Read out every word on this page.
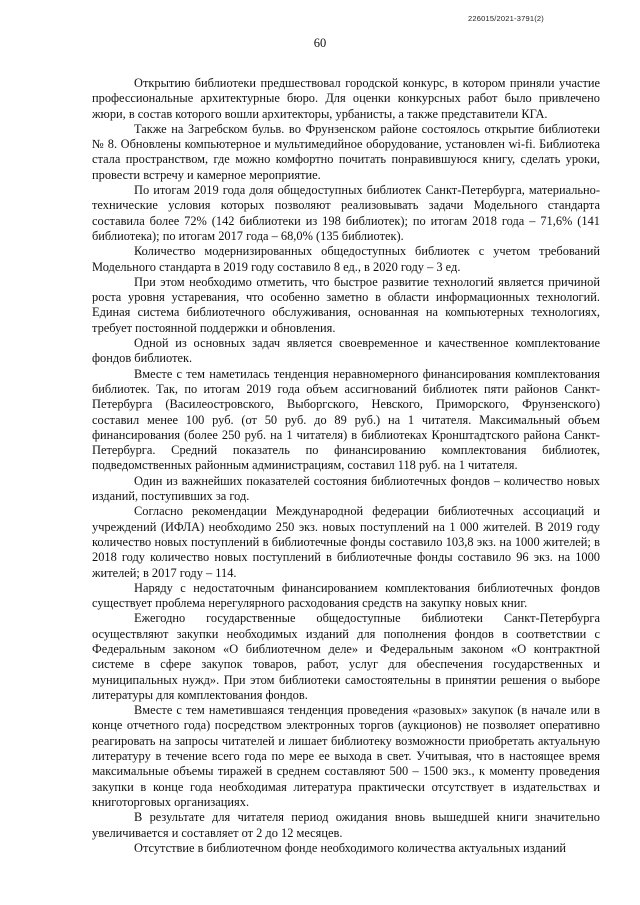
226015/2021-3791(2)
60

Открытию библиотеки предшествовал городской конкурс, в котором приняли участие профессиональные архитектурные бюро. Для оценки конкурсных работ было привлечено жюри, в состав которого вошли архитекторы, урбанисты, а также представители КГА.

Также на Загребском бульв. во Фрунзенском районе состоялось открытие библиотеки № 8. Обновлены компьютерное и мультимедийное оборудование, установлен wi-fi. Библиотека стала пространством, где можно комфортно почитать понравившуюся книгу, сделать уроки, провести встречу и камерное мероприятие.

По итогам 2019 года доля общедоступных библиотек Санкт-Петербурга, материально-технические условия которых позволяют реализовывать задачи Модельного стандарта составила более 72% (142 библиотеки из 198 библиотек); по итогам 2018 года – 71,6% (141 библиотека); по итогам 2017 года – 68,0% (135 библиотек).

Количество модернизированных общедоступных библиотек с учетом требований Модельного стандарта в 2019 году составило 8 ед., в 2020 году – 3 ед.

При этом необходимо отметить, что быстрое развитие технологий является причиной роста уровня устаревания, что особенно заметно в области информационных технологий. Единая система библиотечного обслуживания, основанная на компьютерных технологиях, требует постоянной поддержки и обновления.

Одной из основных задач является своевременное и качественное комплектование фондов библиотек.

Вместе с тем наметилась тенденция неравномерного финансирования комплектования библиотек. Так, по итогам 2019 года объем ассигнований библиотек пяти районов Санкт-Петербурга (Василеостровского, Выборгского, Невского, Приморского, Фрунзенского) составил менее 100 руб. (от 50 руб. до 89 руб.) на 1 читателя. Максимальный объем финансирования (более 250 руб. на 1 читателя) в библиотеках Кронштадтского района Санкт-Петербурга. Средний показатель по финансированию комплектования библиотек, подведомственных районным администрациям, составил 118 руб. на 1 читателя.

Один из важнейших показателей состояния библиотечных фондов – количество новых изданий, поступивших за год.

Согласно рекомендации Международной федерации библиотечных ассоциаций и учреждений (ИФЛА) необходимо 250 экз. новых поступлений на 1 000 жителей. В 2019 году количество новых поступлений в библиотечные фонды составило 103,8 экз. на 1000 жителей; в 2018 году количество новых поступлений в библиотечные фонды составило 96 экз. на 1000 жителей; в 2017 году – 114.

Наряду с недостаточным финансированием комплектования библиотечных фондов существует проблема нерегулярного расходования средств на закупку новых книг.

Ежегодно государственные общедоступные библиотеки Санкт-Петербурга осуществляют закупки необходимых изданий для пополнения фондов в соответствии с Федеральным законом «О библиотечном деле» и Федеральным законом «О контрактной системе в сфере закупок товаров, работ, услуг для обеспечения государственных и муниципальных нужд». При этом библиотеки самостоятельны в принятии решения о выборе литературы для комплектования фондов.

Вместе с тем наметившаяся тенденция проведения «разовых» закупок (в начале или в конце отчетного года) посредством электронных торгов (аукционов) не позволяет оперативно реагировать на запросы читателей и лишает библиотеку возможности приобретать актуальную литературу в течение всего года по мере ее выхода в свет. Учитывая, что в настоящее время максимальные объемы тиражей в среднем составляют 500 – 1500 экз., к моменту проведения закупки в конце года необходимая литература практически отсутствует в издательствах и книготорговых организациях.

В результате для читателя период ожидания вновь вышедшей книги значительно увеличивается и составляет от 2 до 12 месяцев.

Отсутствие в библиотечном фонде необходимого количества актуальных изданий
